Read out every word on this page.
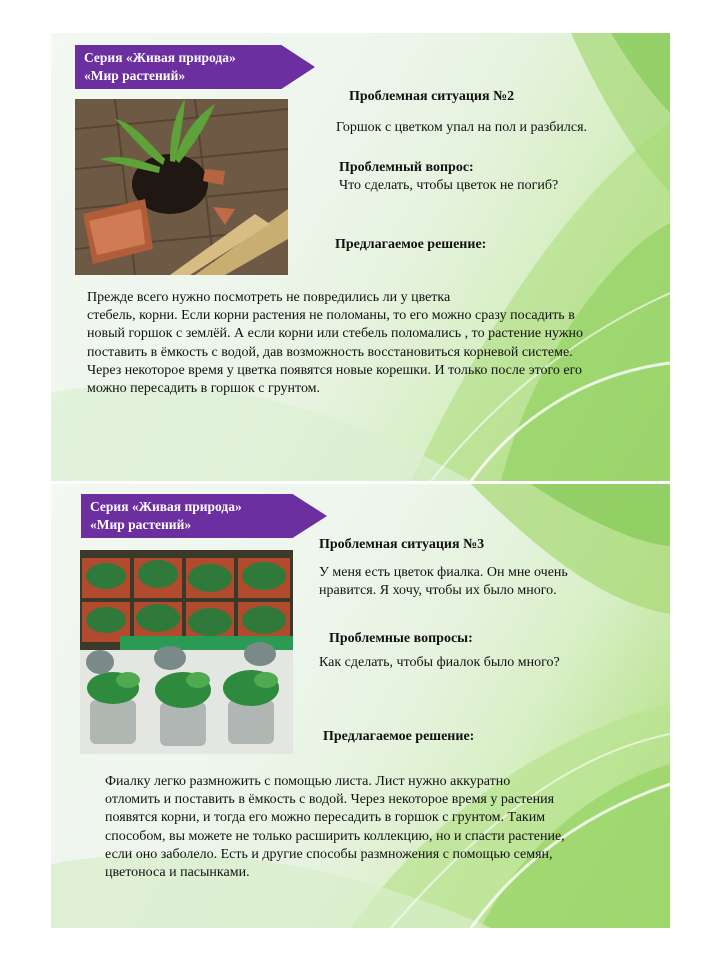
Серия «Живая природа»
«Мир растений»
Проблемная ситуация №2
Горшок с цветком упал на пол и разбился.
Проблемный вопрос:
Что сделать, чтобы цветок не погиб?
Предлагаемое решение:
Прежде всего нужно посмотреть не повредились ли у цветка
стебель, корни. Если корни растения не поломаны, то его можно сразу посадить в
новый горшок с землёй. А если корни или стебель поломались , то растение нужно
поставить в ёмкость с водой, дав возможность восстановиться корневой системе.
Через некоторое время у цветка появятся новые корешки. И только после этого его
можно пересадить в горшок с грунтом.
Серия «Живая природа»
«Мир растений»
Проблемная ситуация №3
У меня есть цветок фиалка. Он мне очень
нравится. Я хочу, чтобы их было много.
Проблемные вопросы:
Как сделать, чтобы фиалок было много?
Предлагаемое решение:
Фиалку легко размножить с помощью листа. Лист нужно аккуратно
отломить и поставить в ёмкость с водой. Через некоторое время у растения
появятся корни, и тогда его можно пересадить в горшок с грунтом. Таким
способом, вы можете не только расширить коллекцию, но и спасти растение,
если оно заболело. Есть и другие способы размножения с помощью семян,
цветоноса и пасынками.
